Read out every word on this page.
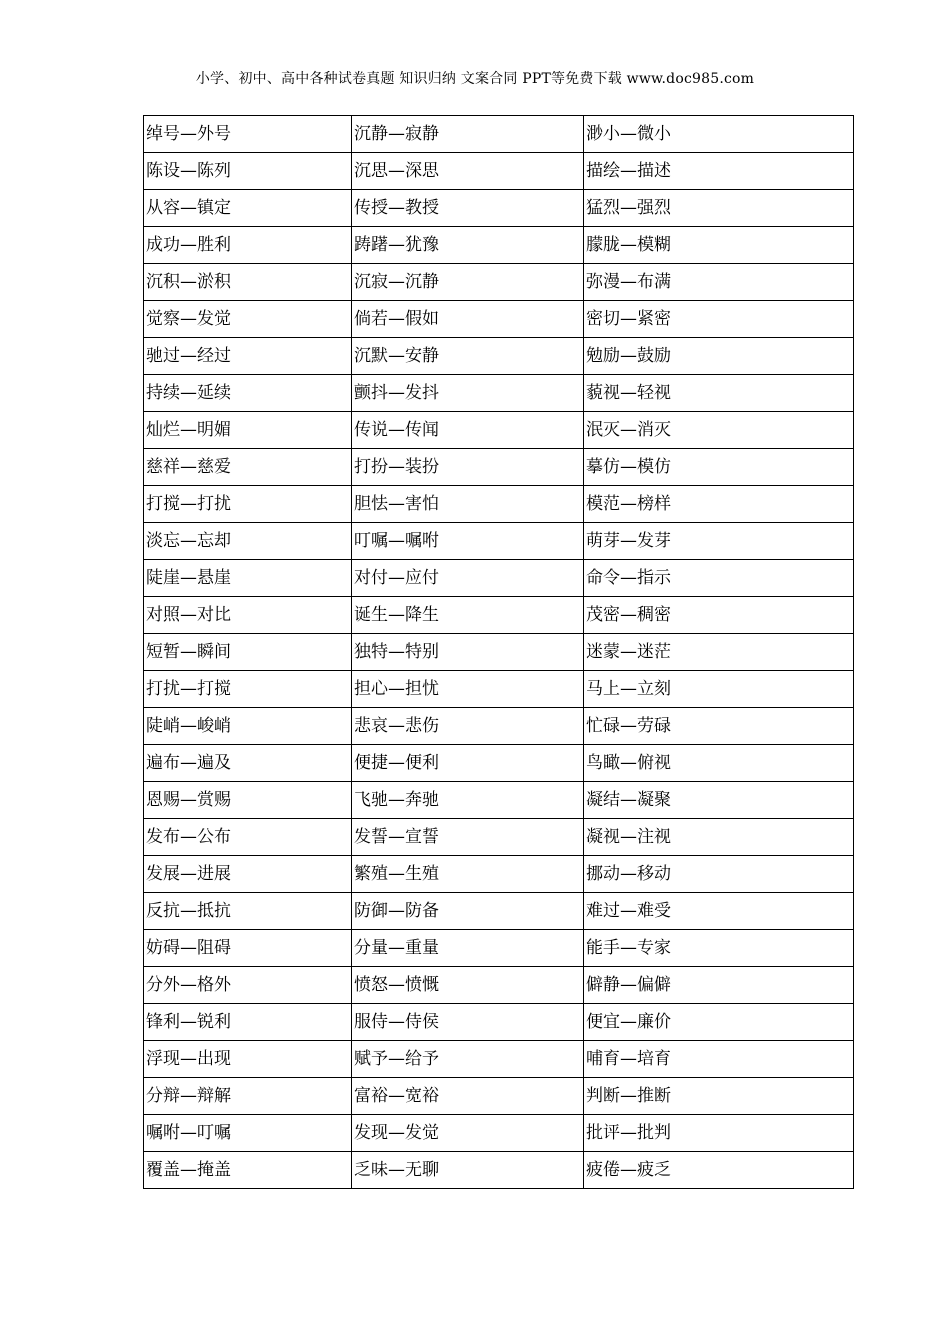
小学、初中、高中各种试卷真题 知识归纳 文案合同 PPT等免费下载 www.doc985.com
绰号—外号	沉静—寂静	渺小—微小
陈设—陈列	沉思—深思	描绘—描述
从容—镇定	传授—教授	猛烈—强烈
成功—胜利	踌躇—犹豫	朦胧—模糊
沉积—淤积	沉寂—沉静	弥漫—布满
觉察—发觉	倘若—假如	密切—紧密
驰过—经过	沉默—安静	勉励—鼓励
持续—延续	颤抖—发抖	藐视—轻视
灿烂—明媚	传说—传闻	泯灭—消灭
慈祥—慈爱	打扮—装扮	摹仿—模仿
打搅—打扰	胆怯—害怕	模范—榜样
淡忘—忘却	叮嘱—嘱咐	萌芽—发芽
陡崖—悬崖	对付—应付	命令—指示
对照—对比	诞生—降生	茂密—稠密
短暂—瞬间	独特—特别	迷蒙—迷茫
打扰—打搅	担心—担忧	马上—立刻
陡峭—峻峭	悲哀—悲伤	忙碌—劳碌
遍布—遍及	便捷—便利	鸟瞰—俯视
恩赐—赏赐	飞驰—奔驰	凝结—凝聚
发布—公布	发誓—宣誓	凝视—注视
发展—进展	繁殖—生殖	挪动—移动
反抗—抵抗	防御—防备	难过—难受
妨碍—阻碍	分量—重量	能手—专家
分外—格外	愤怒—愤慨	僻静—偏僻
锋利—锐利	服侍—侍侯	便宜—廉价
浮现—出现	赋予—给予	哺育—培育
分辩—辩解	富裕—宽裕	判断—推断
嘱咐—叮嘱	发现—发觉	批评—批判
覆盖—掩盖	乏味—无聊	疲倦—疲乏
